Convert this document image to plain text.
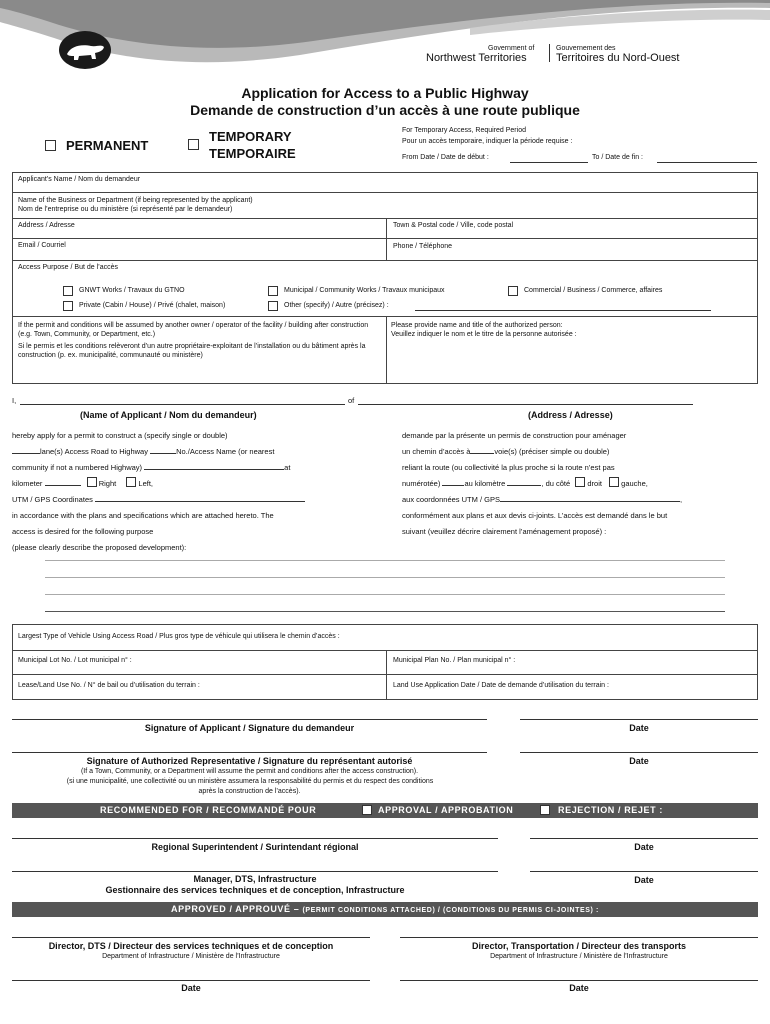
Government of
Northwest Territories
Gouvernement des
Territoires du Nord-Ouest
Application for Access to a Public Highway
Demande de construction d’un accès à une route publique
PERMANENT
TEMPORARY
TEMPORAIRE
For Temporary Access, Required Period
Pour un accès temporaire, indiquer la période requise :
From Date / Date de début :	To / Date de fin :
Applicant’s Name / Nom du demandeur
Name of the Business or Department (if being represented by the applicant)
Nom de l’entreprise ou du ministère (si représenté par le demandeur)
Address / Adresse	Town & Postal code / Ville, code postal
Email / Courriel	Phone / Téléphone
Access Purpose / But de l’accès
GNWT Works / Travaux du GTNO	Municipal / Community Works / Travaux municipaux	Commercial / Business / Commerce, affaires
Private (Cabin / House) / Privé (chalet, maison)	Other (specify) / Autre (précisez) :
If the permit and conditions will be assumed by another owner / operator of the facility / building after construction (e.g. Town, Community, or Department, etc.)
Si le permis et les conditions relèveront d’un autre propriétaire-exploitant de l’installation ou du bâtiment après la construction (p. ex. municipalité, communauté ou ministère)
Please provide name and title of the authorized person:
Veuillez indiquer le nom et le titre de la personne autorisée :
I,	of
(Name of Applicant / Nom du demandeur)	(Address / Adresse)
hereby apply for a permit to construct a (specify single or double)
lane(s) Access Road to Highway	No./Access Name (or nearest
community if not a numbered Highway)	at
kilometer	Right	Left,
UTM / GPS Coordinates
in accordance with the plans and specifications which are attached hereto. The
access is desired for the following purpose
(please clearly describe the proposed development):
demande par la présente un permis de construction pour aménager
un chemin d’accès à	voie(s) (préciser simple ou double)
reliant la route (ou collectivité la plus proche si la route n’est pas
numérotée)	au kilomètre	, du côté droit	gauche,
aux coordonnées UTM / GPS	,
conformément aux plans et aux devis ci-joints. L’accès est demandé dans le but
suivant (veuillez décrire clairement l’aménagement proposé) :
Largest Type of Vehicle Using Access Road / Plus gros type de véhicule qui utilisera le chemin d’accès :
Municipal Lot No. / Lot municipal n° :	Municipal Plan No. / Plan municipal n° :
Lease/Land Use No. / N° de bail ou d’utilisation du terrain :	Land Use Application Date / Date de demande d’utilisation du terrain :
Signature of Applicant / Signature du demandeur	Date
Signature of Authorized Representative / Signature du représentant autorisé	Date
(If a Town, Community, or a Department will assume the permit and conditions after the access construction).
(si une municipalité, une collectivité ou un ministère assumera la responsabilité du permis et du respect des conditions
après la construction de l’accès).
RECOMMENDED FOR / RECOMMANDÉ POUR	APPROVAL / APPROBATION	REJECTION / REJET :
Regional Superintendent / Surintendant régional	Date
Manager, DTS, Infrastructure
Gestionnaire des services techniques et de conception, Infrastructure
Date
APPROVED / APPROUVÉ – (PERMIT CONDITIONS ATTACHED) / (CONDITIONS DU PERMIS CI-JOINTES) :
Director, DTS / Directeur des services techniques et de conception	Director, Transportation / Directeur des transports
Department of Infrastructure / Ministère de l’Infrastructure	Department of Infrastructure / Ministère de l’Infrastructure
Date	Date
